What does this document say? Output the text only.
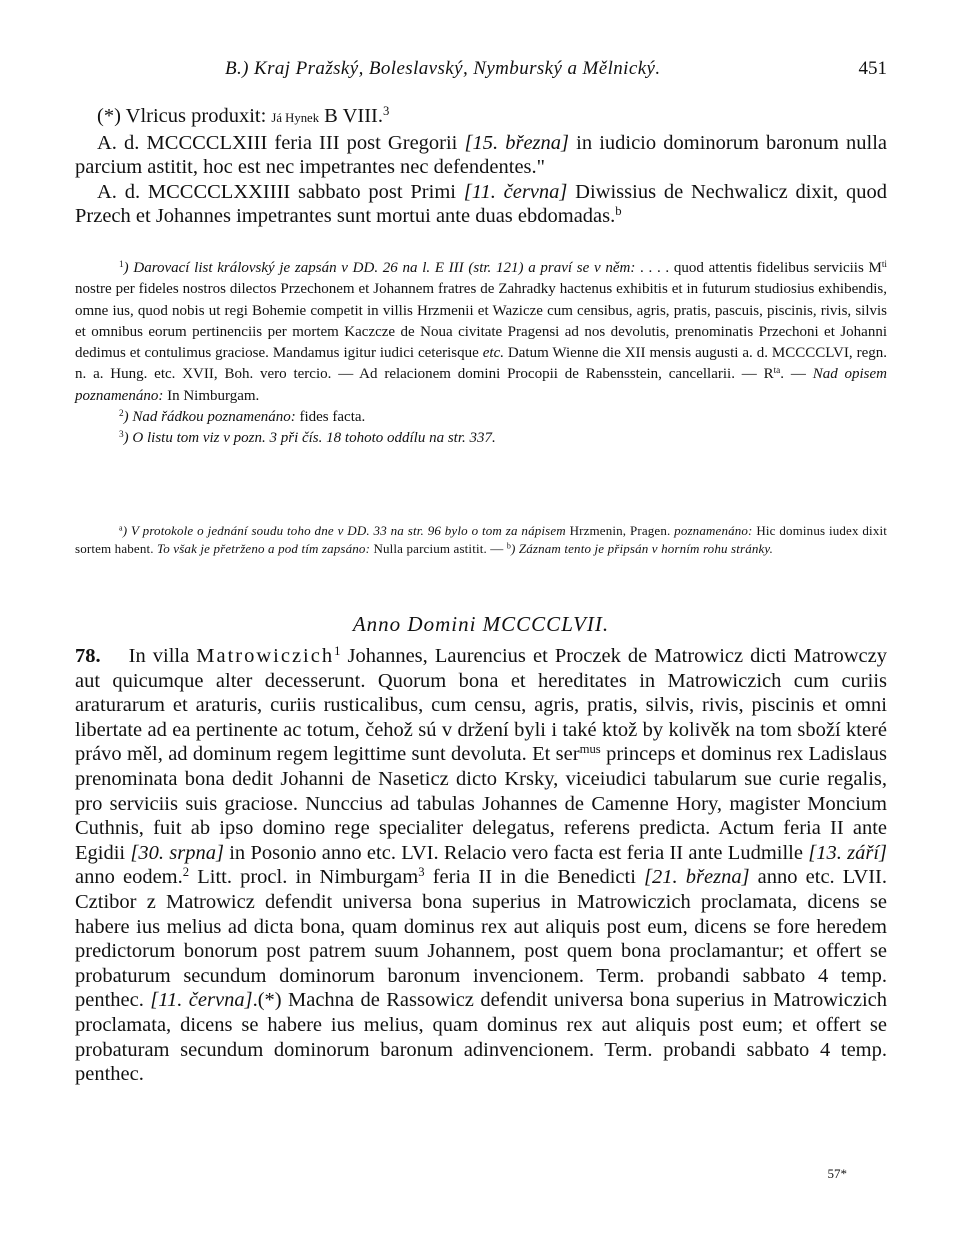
B.) Kraj Pražský, Boleslavský, Nymburský a Mělnický.	451

(*) Vlricus produxit: Já Hynek B VIII.$^3$

A. d. MCCCCLXIII feria III post Gregorii [15. března] in iudicio dominorum baronum nulla parcium astitit, hoc est nec impetrantes nec defendentes."

A. d. MCCCCLXXIIII sabbato post Primi [11. června] Diwissius de Nechwalicz dixit, quod Przech et Johannes impetrantes sunt mortui ante duas ebdomadas.$^b$

$^1$) Darovací list královský je zapsán v DD. 26 na l. E III (str. 121) a praví se v něm: . . . . quod attentis fidelibus serviciis $M^{ti}$ nostre per fideles nostros dilectos Przechonem et Johannem fratres de Zahradky hactenus exhibitis et in futurum studiosius exhibendis, omne ius, quod nobis ut regi Bohemie competit in villis Hrzmenii et Wazicze cum censibus, agris, pratis, pascuis, piscinis, rivis, silvis et omnibus eorum pertinenciis per mortem Kaczcze de Noua civitate Pragensi ad nos devolutis, prenominatis Przechoni et Johanni dedimus et contulimus graciose. Mandamus igitur iudici ceterisque etc. Datum Wienne die XII mensis augusti a. d. MCCCCLVI, regn. n. a. Hung. etc. XVII, Boh. vero tercio. — Ad relacionem domini Procopii de Rabensstein, cancellarii. — $R^{ta}$. — Nad opisem poznamenáno: In Nimburgam.

$^2$) Nad řádkou poznamenáno: fides facta.

$^3$) O listu tom viz v pozn. 3 při čís. 18 tohoto oddílu na str. 337.

$^a$) V protokole o jednání soudu toho dne v DD. 33 na str. 96 bylo o tom za nápisem Hrzmenin, Pragen. poznamenáno: Hic dominus iudex dixit sortem habent. To však je přetrženo a pod tím zapsáno: Nulla parcium astitit. — $^b$) Záznam tento je připsán v horním rohu stránky.

Anno Domini MCCCCLVII.

78. In villa Matrowiczich$^1$ Johannes, Laurencius et Proczek de Matrowicz dicti Matrowczy aut quicumque alter decesserunt. Quorum bona et hereditates in Matrowiczich cum curiis araturarum et araturis, curiis rusticalibus, cum censu, agris, pratis, silvis, rivis, piscinis et omni libertate ad ea pertinente ac totum, čehož sú v držení byli i také ktož by kolivěk na tom sboží které právo měl, ad dominum regem legittime sunt devoluta. Et ser$^{mus}$ princeps et dominus rex Ladislaus prenominata bona dedit Johanni de Naseticz dicto Krsky, viceiudici tabularum sue curie regalis, pro serviciis suis graciose. Nunccius ad tabulas Johannes de Camenne Hory, magister Moncium Cuthnis, fuit ab ipso domino rege specialiter delegatus, referens predicta. Actum feria II ante Egidii [30. srpna] in Posonio anno etc. LVI. Relacio vero facta est feria II ante Ludmille [13. září] anno eodem.$^2$ Litt. procl. in Nimburgam$^3$ feria II in die Benedicti [21. března] anno etc. LVII. Cztibor z Matrowicz defendit universa bona superius in Matrowiczich proclamata, dicens se habere ius melius ad dicta bona, quam dominus rex aut aliquis post eum, dicens se fore heredem predictorum bonorum post patrem suum Johannem, post quem bona proclamantur; et offert se probaturum secundum dominorum baronum invencionem. Term. probandi sabbato 4 temp. penthec. [11. června].(*) Machna de Rassowicz defendit universa bona superius in Matrowiczich proclamata, dicens se habere ius melius, quam dominus rex aut aliquis post eum; et offert se probaturam secundum dominorum baronum adinvencionem. Term. probandi sabbato 4 temp. penthec.

57*
